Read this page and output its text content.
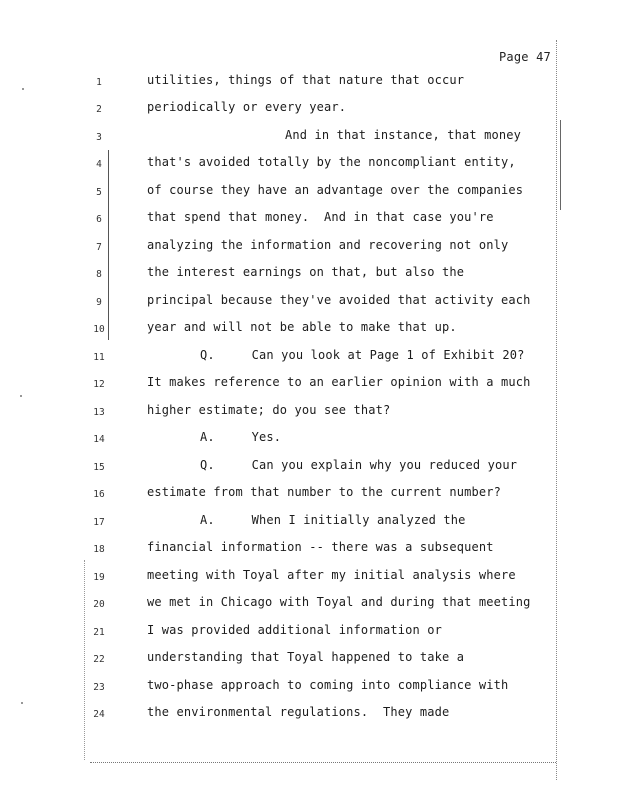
Page 47
1	utilities, things of that nature that occur
2	periodically or every year.
3	And in that instance, that money
4	that's avoided totally by the noncompliant entity,
5	of course they have an advantage over the companies
6	that spend that money.  And in that case you're
7	analyzing the information and recovering not only
8	the interest earnings on that, but also the
9	principal because they've avoided that activity each
10	year and will not be able to make that up.
11	Q.     Can you look at Page 1 of Exhibit 20?
12	It makes reference to an earlier opinion with a much
13	higher estimate; do you see that?
14	A.     Yes.
15	Q.     Can you explain why you reduced your
16	estimate from that number to the current number?
17	A.     When I initially analyzed the
18	financial information -- there was a subsequent
19	meeting with Toyal after my initial analysis where
20	we met in Chicago with Toyal and during that meeting
21	I was provided additional information or
22	understanding that Toyal happened to take a
23	two-phase approach to coming into compliance with
24	the environmental regulations.  They made
